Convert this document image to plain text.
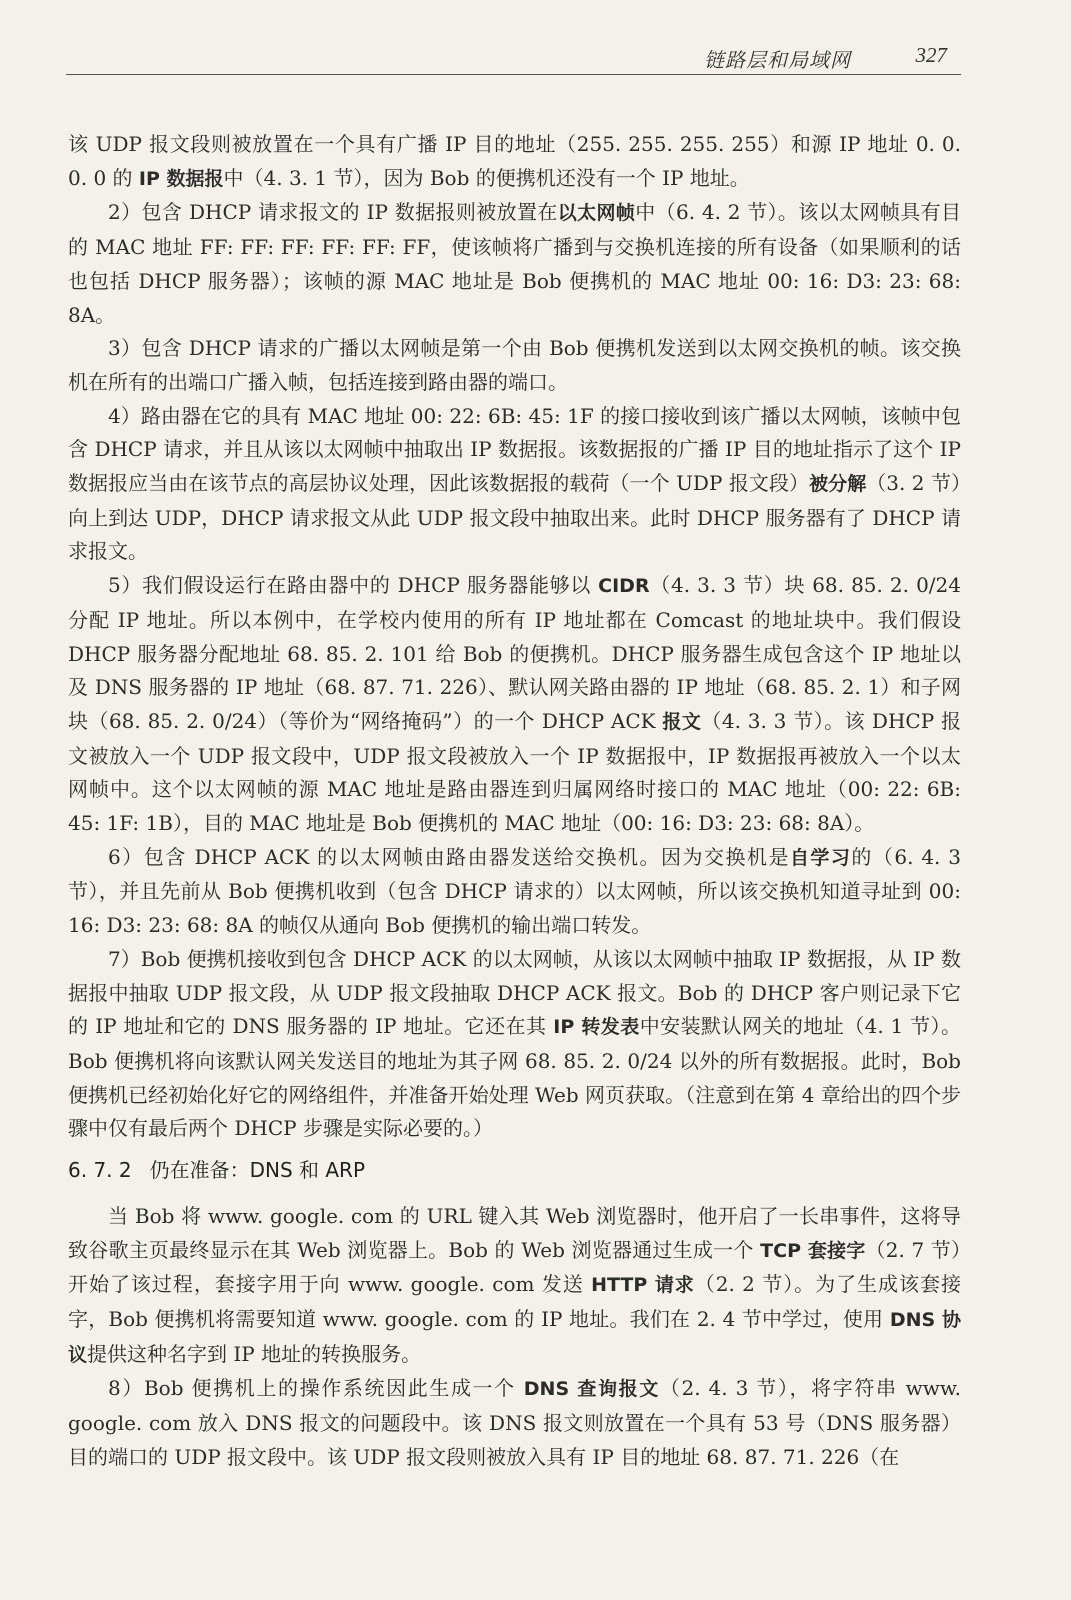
链路层和局域网	327

该 UDP 报文段则被放置在一个具有广播 IP 目的地址（255. 255. 255. 255）和源 IP 地址 0. 0. 0. 0 的 IP 数据报中（4. 3. 1 节），因为 Bob 的便携机还没有一个 IP 地址。

2）包含 DHCP 请求报文的 IP 数据报则被放置在以太网帧中（6. 4. 2 节）。该以太网帧具有目的 MAC 地址 FF: FF: FF: FF: FF: FF，使该帧将广播到与交换机连接的所有设备（如果顺利的话也包括 DHCP 服务器）；该帧的源 MAC 地址是 Bob 便携机的 MAC 地址 00: 16: D3: 23: 68: 8A。

3）包含 DHCP 请求的广播以太网帧是第一个由 Bob 便携机发送到以太网交换机的帧。该交换机在所有的出端口广播入帧，包括连接到路由器的端口。

4）路由器在它的具有 MAC 地址 00: 22: 6B: 45: 1F 的接口接收到该广播以太网帧，该帧中包含 DHCP 请求，并且从该以太网帧中抽取出 IP 数据报。该数据报的广播 IP 目的地址指示了这个 IP 数据报应当由在该节点的高层协议处理，因此该数据报的载荷（一个 UDP 报文段）被分解（3. 2 节）向上到达 UDP，DHCP 请求报文从此 UDP 报文段中抽取出来。此时 DHCP 服务器有了 DHCP 请求报文。

5）我们假设运行在路由器中的 DHCP 服务器能够以 CIDR（4. 3. 3 节）块 68. 85. 2. 0/24 分配 IP 地址。所以本例中，在学校内使用的所有 IP 地址都在 Comcast 的地址块中。我们假设 DHCP 服务器分配地址 68. 85. 2. 101 给 Bob 的便携机。DHCP 服务器生成包含这个 IP 地址以及 DNS 服务器的 IP 地址（68. 87. 71. 226）、默认网关路由器的 IP 地址（68. 85. 2. 1）和子网块（68. 85. 2. 0/24）（等价为“网络掩码”）的一个 DHCP ACK 报文（4. 3. 3 节）。该 DHCP 报文被放入一个 UDP 报文段中，UDP 报文段被放入一个 IP 数据报中，IP 数据报再被放入一个以太网帧中。这个以太网帧的源 MAC 地址是路由器连到归属网络时接口的 MAC 地址（00: 22: 6B: 45: 1F: 1B），目的 MAC 地址是 Bob 便携机的 MAC 地址（00: 16: D3: 23: 68: 8A）。

6）包含 DHCP ACK 的以太网帧由路由器发送给交换机。因为交换机是自学习的（6. 4. 3 节），并且先前从 Bob 便携机收到（包含 DHCP 请求的）以太网帧，所以该交换机知道寻址到 00: 16: D3: 23: 68: 8A 的帧仅从通向 Bob 便携机的输出端口转发。

7）Bob 便携机接收到包含 DHCP ACK 的以太网帧，从该以太网帧中抽取 IP 数据报，从 IP 数据报中抽取 UDP 报文段，从 UDP 报文段抽取 DHCP ACK 报文。Bob 的 DHCP 客户则记录下它的 IP 地址和它的 DNS 服务器的 IP 地址。它还在其 IP 转发表中安装默认网关的地址（4. 1 节）。Bob 便携机将向该默认网关发送目的地址为其子网 68. 85. 2. 0/24 以外的所有数据报。此时，Bob 便携机已经初始化好它的网络组件，并准备开始处理 Web 网页获取。（注意到在第 4 章给出的四个步骤中仅有最后两个 DHCP 步骤是实际必要的。）

6. 7. 2 仍在准备：DNS 和 ARP

当 Bob 将 www. google. com 的 URL 键入其 Web 浏览器时，他开启了一长串事件，这将导致谷歌主页最终显示在其 Web 浏览器上。Bob 的 Web 浏览器通过生成一个 TCP 套接字（2. 7 节）开始了该过程，套接字用于向 www. google. com 发送 HTTP 请求（2. 2 节）。为了生成该套接字，Bob 便携机将需要知道 www. google. com 的 IP 地址。我们在 2. 4 节中学过，使用 DNS 协议提供这种名字到 IP 地址的转换服务。

8）Bob 便携机上的操作系统因此生成一个 DNS 查询报文（2. 4. 3 节），将字符串 www. google. com 放入 DNS 报文的问题段中。该 DNS 报文则放置在一个具有 53 号（DNS 服务器）目的端口的 UDP 报文段中。该 UDP 报文段则被放入具有 IP 目的地址 68. 87. 71. 226（在
